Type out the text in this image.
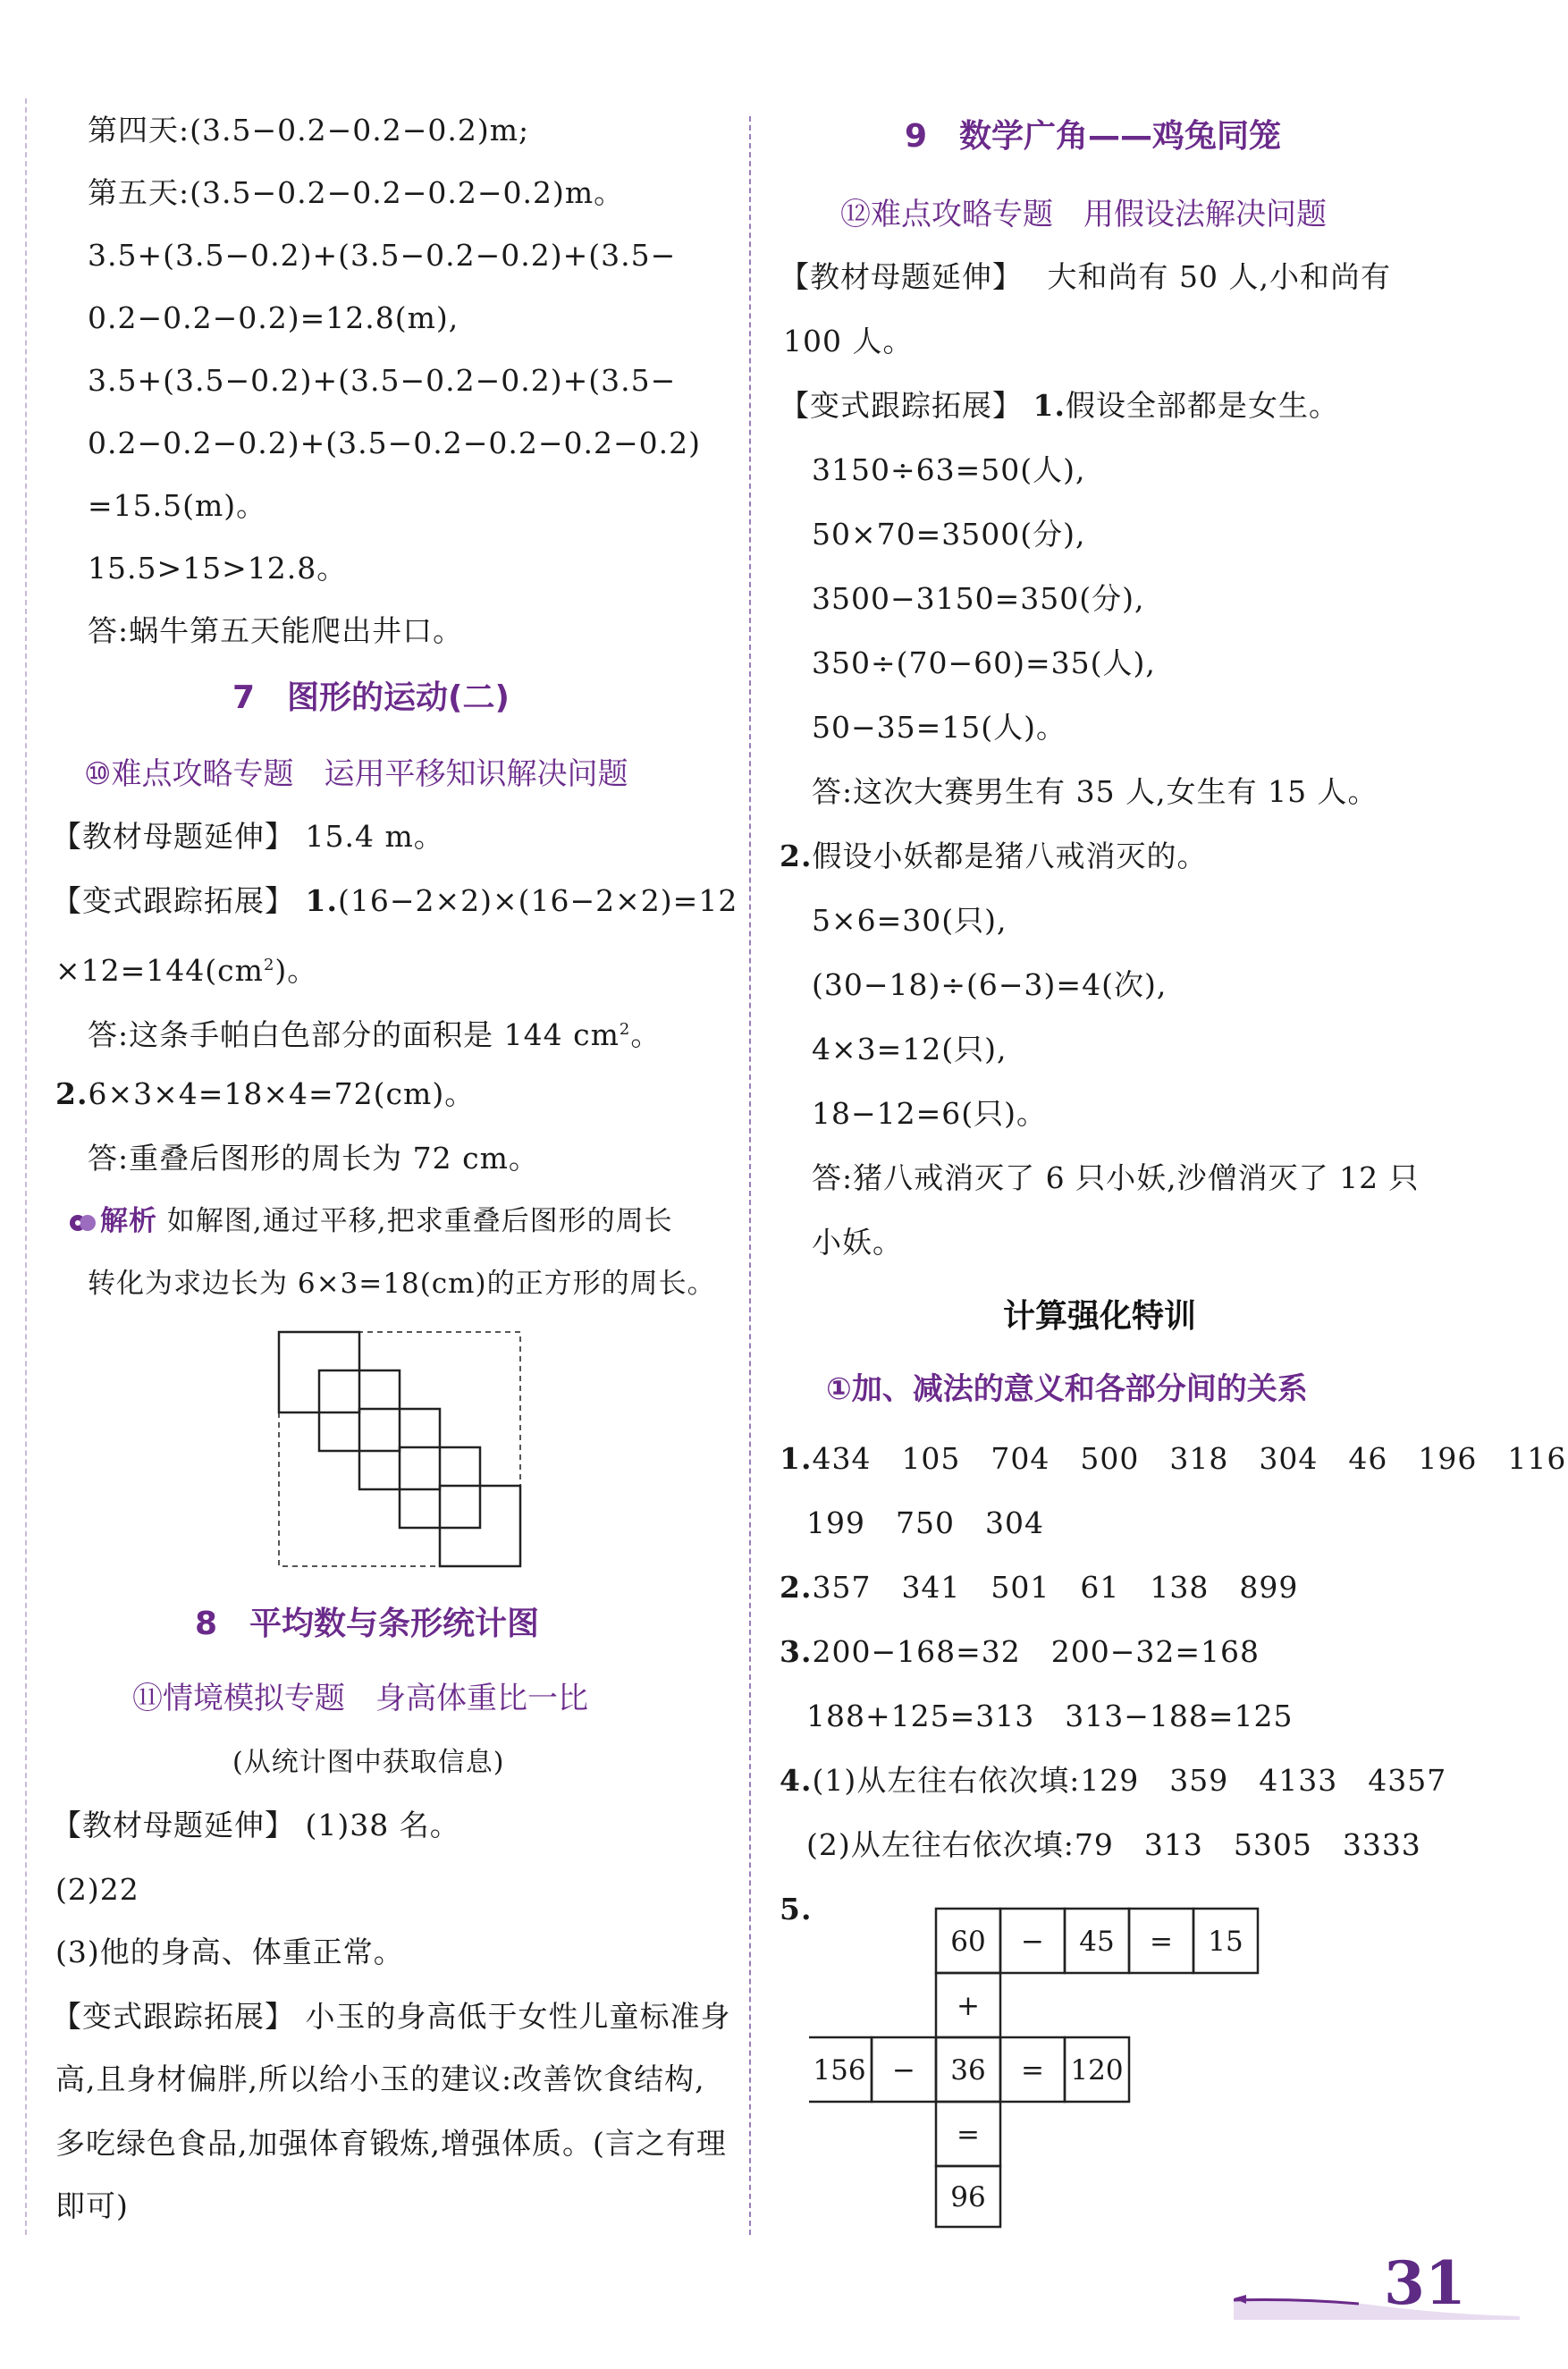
第四天:(3.5−0.2−0.2−0.2)m;
第五天:(3.5−0.2−0.2−0.2−0.2)m。
3.5+(3.5−0.2)+(3.5−0.2−0.2)+(3.5−
0.2−0.2−0.2)=12.8(m),
3.5+(3.5−0.2)+(3.5−0.2−0.2)+(3.5−
0.2−0.2−0.2)+(3.5−0.2−0.2−0.2−0.2)
=15.5(m)。
15.5>15>12.8。
答:蜗牛第五天能爬出井口。
7　图形的运动(二)
⑩难点攻略专题　运用平移知识解决问题
【教材母题延伸】 15.4 m。
【变式跟踪拓展】 1.(16−2×2)×(16−2×2)=12
$\times 12=144(cm^2)$。
答:这条手帕白色部分的面积是 144 $cm^2$。
2.6×3×4=18×4=72(cm)。
答:重叠后图形的周长为 72 cm。
解析 如解图,通过平移,把求重叠后图形的周长
转化为求边长为 6×3=18(cm)的正方形的周长。
8　平均数与条形统计图
⑪情境模拟专题　身高体重比一比
(从统计图中获取信息)
【教材母题延伸】 (1)38 名。
(2)22
(3)他的身高、体重正常。
【变式跟踪拓展】 小玉的身高低于女性儿童标准身
高,且身材偏胖,所以给小玉的建议:改善饮食结构,
多吃绿色食品,加强体育锻炼,增强体质。(言之有理
即可)
9　数学广角——鸡兔同笼
⑫难点攻略专题　用假设法解决问题
【教材母题延伸】 大和尚有 50 人,小和尚有
100 人。
【变式跟踪拓展】 1.假设全部都是女生。
3150÷63=50(人),
50×70=3500(分),
3500−3150=350(分),
350÷(70−60)=35(人),
50−35=15(人)。
答:这次大赛男生有 35 人,女生有 15 人。
2.假设小妖都是猪八戒消灭的。
5×6=30(只),
(30−18)÷(6−3)=4(次),
4×3=12(只),
18−12=6(只)。
答:猪八戒消灭了 6 只小妖,沙僧消灭了 12 只
小妖。
计算强化特训
①加、减法的意义和各部分间的关系
1.434　105　704　500　318　304　46　196　116
199　750　304
2.357　341　501　61　138　899
3.200−168=32　200−32=168
188+125=313　313−188=125
4.(1)从左往右依次填:129　359　4133　4357
(2)从左往右依次填:79　313　5305　3333
5.
60 − 45 = 15
+
156 − 36 = 120
=
96
31
